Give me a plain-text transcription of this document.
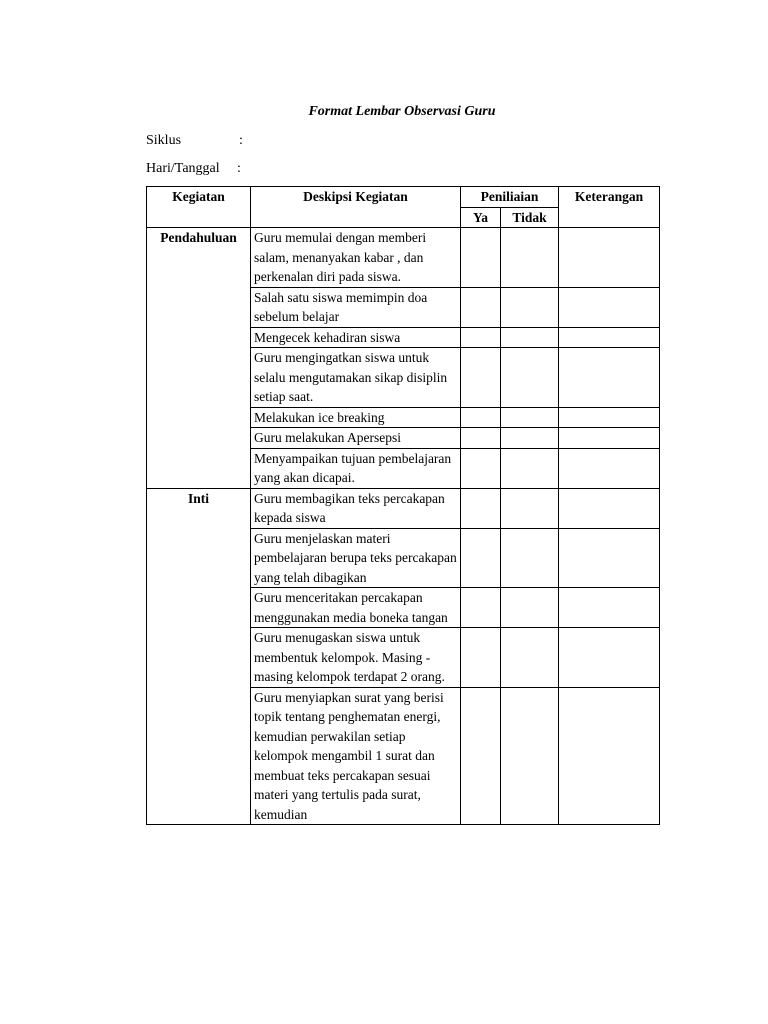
Format Lembar Observasi Guru
Siklus	:
Hari/Tanggal :
Kegiatan	Deskipsi Kegiatan	Peniliaian		Keterangan
		Ya	Tidak	
Pendahuluan	Guru memulai dengan memberi salam, menanyakan kabar , dan perkenalan diri pada siswa.			
	Salah satu siswa memimpin doa sebelum belajar			
	Mengecek kehadiran siswa			
	Guru mengingatkan siswa untuk selalu mengutamakan sikap disiplin setiap saat.			
	Melakukan ice breaking			
	Guru melakukan Apersepsi			
	Menyampaikan tujuan pembelajaran yang akan dicapai.			
Inti	Guru membagikan teks percakapan kepada siswa			
	Guru menjelaskan materi pembelajaran berupa teks percakapan yang telah dibagikan			
	Guru menceritakan percakapan menggunakan media boneka tangan			
	Guru menugaskan siswa untuk membentuk kelompok. Masing - masing kelompok terdapat 2 orang.			
	Guru menyiapkan surat yang berisi topik tentang penghematan energi, kemudian perwakilan setiap kelompok mengambil 1 surat dan membuat teks percakapan sesuai materi yang tertulis pada surat, kemudian			
